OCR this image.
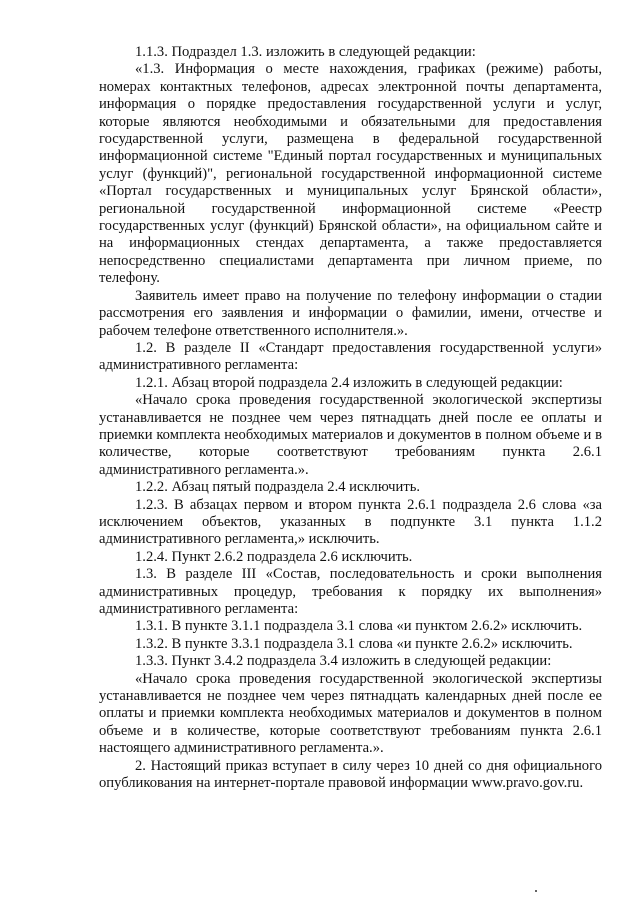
1.1.3. Подраздел 1.3. изложить в следующей редакции:

«1.3. Информация о месте нахождения, графиках (режиме) работы, номерах контактных телефонов, адресах электронной почты департамента, информация о порядке предоставления государственной услуги и услуг, которые являются необходимыми и обязательными для предоставления государственной услуги, размещена в федеральной государственной информационной системе "Единый портал государственных и муниципальных услуг (функций)", региональной государственной информационной системе «Портал государственных и муниципальных услуг Брянской области», региональной государственной информационной системе «Реестр государственных услуг (функций) Брянской области», на официальном сайте и на информационных стендах департамента, а также предоставляется непосредственно специалистами департамента при личном приеме, по телефону.

Заявитель имеет право на получение по телефону информации о стадии рассмотрения его заявления и информации о фамилии, имени, отчестве и рабочем телефоне ответственного исполнителя.».

1.2. В разделе II «Стандарт предоставления государственной услуги» административного регламента:

1.2.1. Абзац второй подраздела 2.4 изложить в следующей редакции:

«Начало срока проведения государственной экологической экспертизы устанавливается не позднее чем через пятнадцать дней после ее оплаты и приемки комплекта необходимых материалов и документов в полном объеме и в количестве, которые соответствуют требованиям пункта 2.6.1 административного регламента.».

1.2.2. Абзац пятый подраздела 2.4 исключить.

1.2.3. В абзацах первом и втором пункта 2.6.1 подраздела 2.6 слова «за исключением объектов, указанных в подпункте 3.1 пункта 1.1.2 административного регламента,» исключить.

1.2.4. Пункт 2.6.2 подраздела 2.6 исключить.

1.3. В разделе III «Состав, последовательность и сроки выполнения административных процедур, требования к порядку их выполнения» административного регламента:

1.3.1. В пункте 3.1.1 подраздела 3.1 слова «и пунктом 2.6.2» исключить.

1.3.2. В пункте 3.3.1 подраздела 3.1 слова «и пункте 2.6.2» исключить.

1.3.3. Пункт 3.4.2 подраздела 3.4 изложить в следующей редакции:

«Начало срока проведения государственной экологической экспертизы устанавливается не позднее чем через пятнадцать календарных дней после ее оплаты и приемки комплекта необходимых материалов и документов в полном объеме и в количестве, которые соответствуют требованиям пункта 2.6.1 настоящего административного регламента.».

2. Настоящий приказ вступает в силу через 10 дней со дня официального опубликования на интернет-портале правовой информации www.pravo.gov.ru.
